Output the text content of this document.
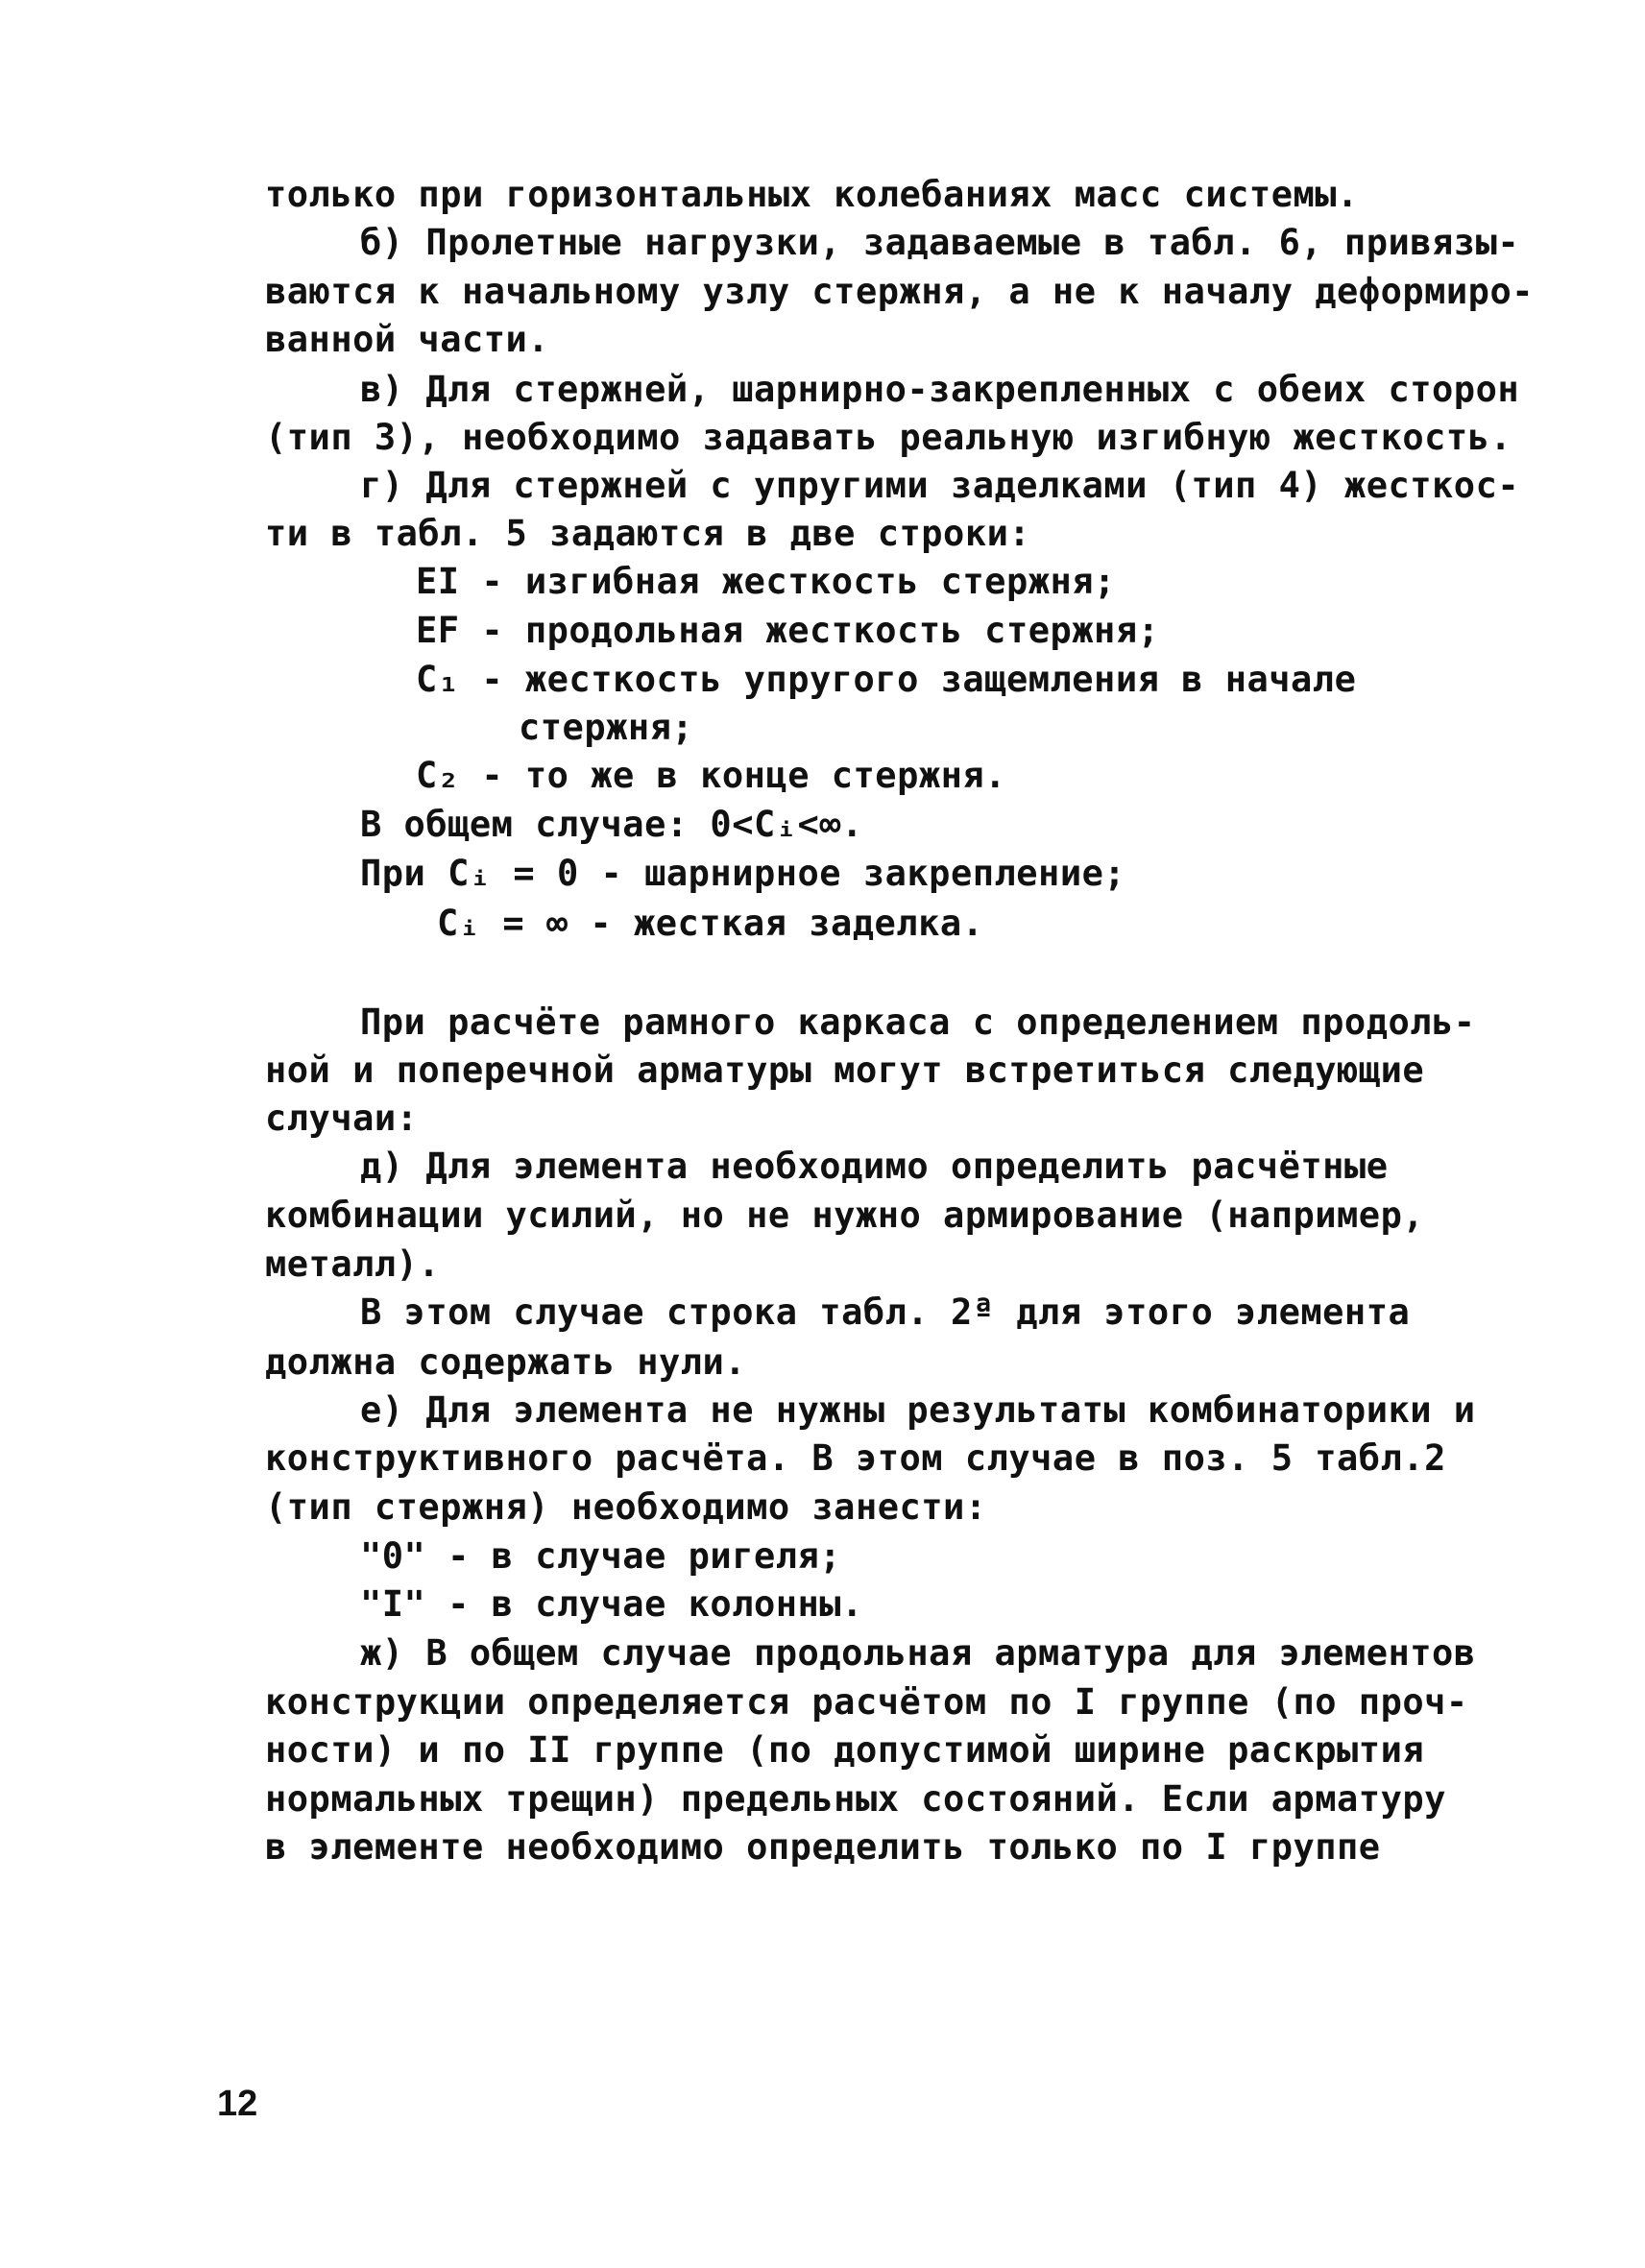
только при горизонтальных колебаниях масс системы.
б) Пролетные нагрузки, задаваемые в табл. 6, привязы-
ваются к начальному узлу стержня, а не к началу деформиро-
ванной части.
в) Для стержней, шарнирно-закрепленных с обеих сторон
(тип 3), необходимо задавать реальную изгибную жесткость.
г) Для стержней с упругими заделками (тип 4) жесткос-
ти в табл. 5 задаются в две строки:
EI - изгибная жесткость стержня;
EF - продольная жесткость стержня;
C₁ - жесткость упругого защемления в начале
стержня;
C₂ - то же в конце стержня.
В общем случае: 0<Cᵢ<∞.
При Cᵢ = 0 - шарнирное закрепление;
Cᵢ = ∞ - жесткая заделка.
При расчёте рамного каркаса с определением продоль-
ной и поперечной арматуры могут встретиться следующие
случаи:
д) Для элемента необходимо определить расчётные
комбинации усилий, но не нужно армирование (например,
металл).
В этом случае строка табл. 2ª для этого элемента
должна содержать нули.
е) Для элемента не нужны результаты комбинаторики и
конструктивного расчёта. В этом случае в поз. 5 табл.2
(тип стержня) необходимо занести:
"0" - в случае ригеля;
"I" - в случае колонны.
ж) В общем случае продольная арматура для элементов
конструкции определяется расчётом по I группе (по проч-
ности) и по II группе (по допустимой ширине раскрытия
нормальных трещин) предельных состояний. Если арматуру
в элементе необходимо определить только по I группе
12
